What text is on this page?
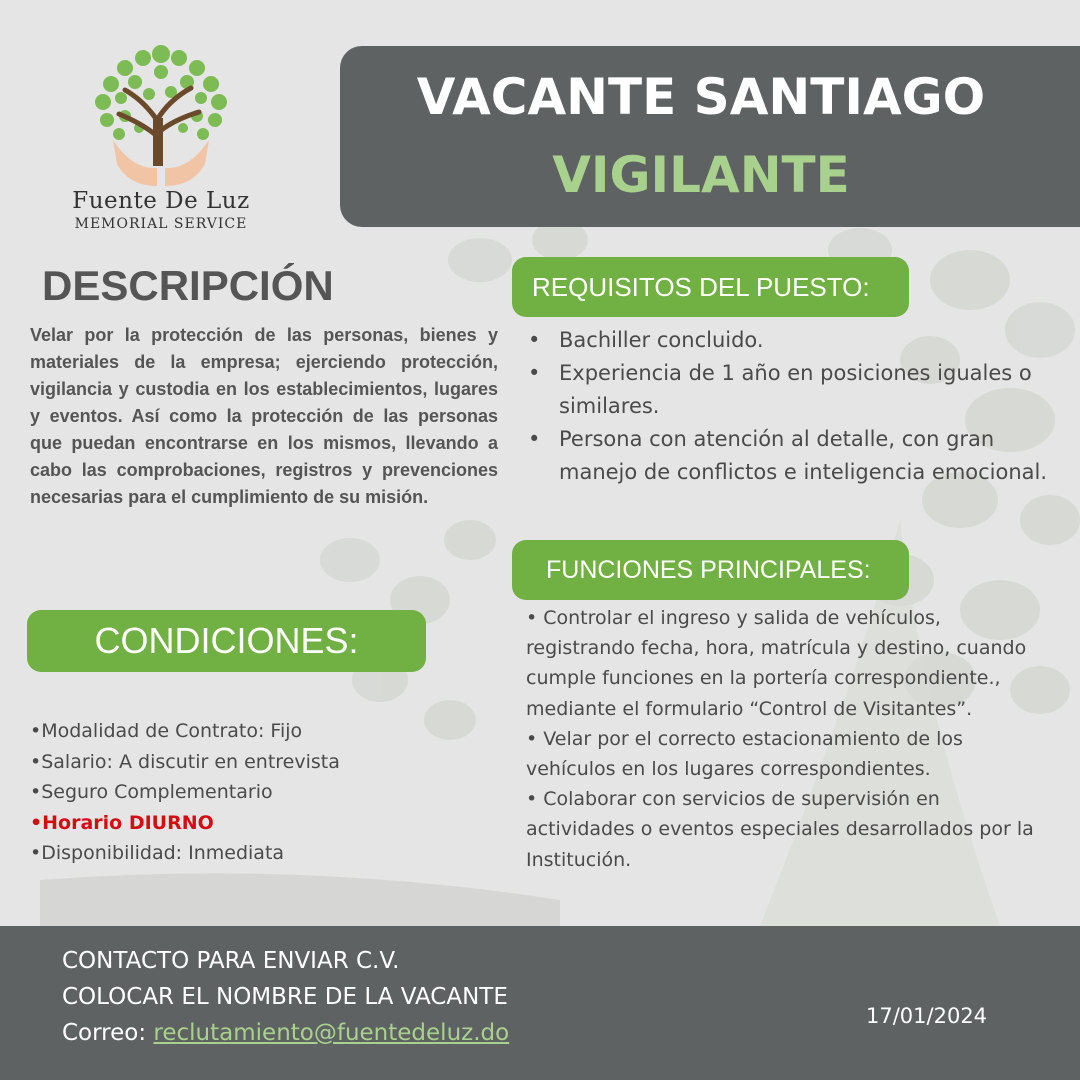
Fuente De Luz
MEMORIAL SERVICE
VACANTE SANTIAGO
VIGILANTE
DESCRIPCIÓN
Velar por la protección de las personas, bienes y materiales de la empresa; ejerciendo protección, vigilancia y custodia en los establecimientos, lugares y eventos. Así como la protección de las personas que puedan encontrarse en los mismos, llevando a cabo las comprobaciones, registros y prevenciones necesarias para el cumplimiento de su misión.
REQUISITOS DEL PUESTO:
• Bachiller concluido.
• Experiencia de 1 año en posiciones iguales o similares.
• Persona con atención al detalle, con gran manejo de conflictos e inteligencia emocional.
FUNCIONES PRINCIPALES:
• Controlar el ingreso y salida de vehículos, registrando fecha, hora, matrícula y destino, cuando cumple funciones en la portería correspondiente., mediante el formulario “Control de Visitantes”.
• Velar por el correcto estacionamiento de los vehículos en los lugares correspondientes.
• Colaborar con servicios de supervisión en actividades o eventos especiales desarrollados por la Institución.
CONDICIONES:
•Modalidad de Contrato: Fijo
•Salario: A discutir en entrevista
•Seguro Complementario
•Horario DIURNO
•Disponibilidad: Inmediata
CONTACTO PARA ENVIAR C.V.
COLOCAR EL NOMBRE DE LA VACANTE
Correo: reclutamiento@fuentedeluz.do
17/01/2024
